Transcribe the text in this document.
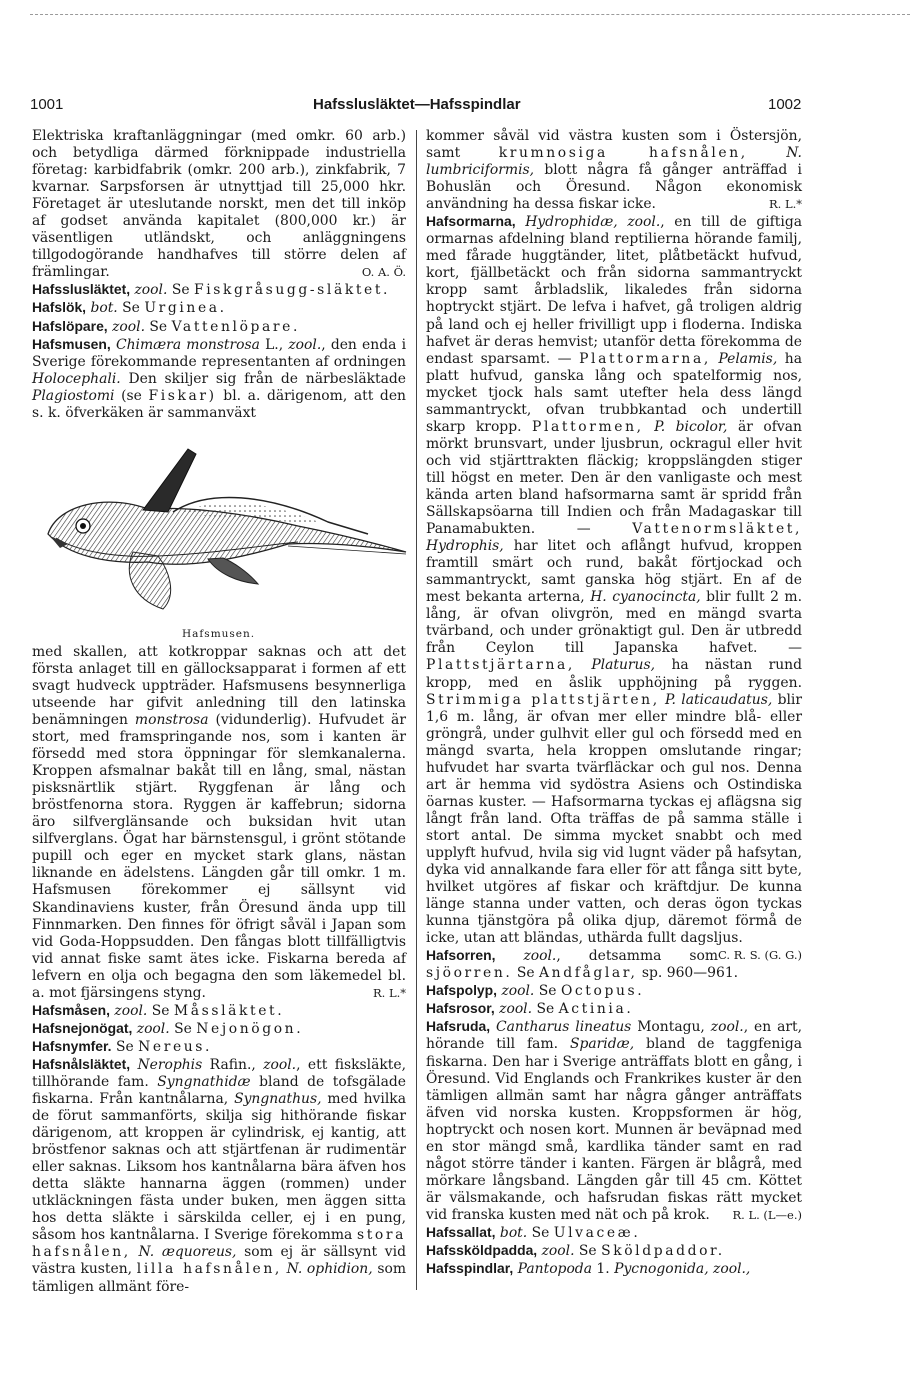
1001	Hafsslusläktet—Hafsspindlar	1002

Elektriska kraftanläggningar (med omkr. 60 arb.) och betydliga därmed förknippade industriella företag: karbidfabrik (omkr. 200 arb.), zinkfabrik, 7 kvarnar. Sarpsforsen är utnyttjad till 25,000 hkr. Företaget är uteslutande norskt, men det till inköp af godset använda kapitalet (800,000 kr.) är väsentligen utländskt, och anläggningens tillgodogörande handhafves till större delen af främlingar.	O. A. Ö.

Hafsslusläktet, zool. Se Fiskgråsugg-släktet.

Hafslök, bot. Se Urginea.

Hafslöpare, zool. Se Vattenlöpare.

Hafsmusen, Chimæra monstrosa L., zool., den enda i Sverige förekommande representanten af ordningen Holocephali. Den skiljer sig från de närbesläktade Plagiostomi (se Fiskar) bl. a. därigenom, att den s. k. öfverkäken är sammanväxt

Hafsmusen.

med skallen, att kotkroppar saknas och att det första anlaget till en gällocksapparat i formen af ett svagt hudveck uppträder. Hafsmusens besynnerliga utseende har gifvit anledning till den latinska benämningen monstrosa (vidunderlig). Hufvudet är stort, med framspringande nos, som i kanten är försedd med stora öppningar för slemkanalerna. Kroppen afsmalnar bakåt till en lång, smal, nästan pisksnärtlik stjärt. Ryggfenan är lång och bröstfenorna stora. Ryggen är kaffebrun; sidorna äro silfverglänsande och buksidan hvit utan silfverglans. Ögat har bärnstensgul, i grönt stötande pupill och eger en mycket stark glans, nästan liknande en ädelstens. Längden går till omkr. 1 m. Hafsmusen förekommer ej sällsynt vid Skandinaviens kuster, från Öresund ända upp till Finnmarken. Den finnes för öfrigt såväl i Japan som vid Goda-Hoppsudden. Den fångas blott tillfälligtvis vid annat fiske samt ätes icke. Fiskarna bereda af lefvern en olja och begagna den som läkemedel bl. a. mot fjärsingens styng.	R. L.*

Hafsmåsen, zool. Se Måssläktet.

Hafsnejonögat, zool. Se Nejonögon.

Hafsnymfer. Se Nereus.

Hafsnålsläktet, Nerophis Rafin., zool., ett fisksläkte, tillhörande fam. Syngnathidæ bland de tofsgälade fiskarna. Från kantnålarna, Syngnathus, med hvilka de förut sammanförts, skilja sig hithörande fiskar därigenom, att kroppen är cylindrisk, ej kantig, att bröstfenor saknas och att stjärtfenan är rudimentär eller saknas. Liksom hos kantnålarna bära äfven hos detta släkte hannarna äggen (rommen) under utkläckningen fästa under buken, men äggen sitta hos detta släkte i särskilda celler, ej i en pung, såsom hos kantnålarna. I Sverige förekomma stora hafsnålen, N. æquoreus, som ej är sällsynt vid västra kusten, lilla hafsnålen, N. ophidion, som tämligen allmänt före-

kommer såväl vid västra kusten som i Östersjön, samt	krumnosiga hafsnålen,	N. lumbriciformis, blott några få gånger anträffad i Bohuslän och Öresund. Någon ekonomisk användning ha dessa fiskar icke.	R. L.*

Hafsormarna, Hydrophidæ, zool., en till de giftiga ormarnas afdelning bland reptilierna hörande familj, med fårade huggtänder, litet, plåtbetäckt hufvud, kort, fjällbetäckt och från sidorna sammantryckt kropp samt årbladslik, likaledes från sidorna hoptryckt stjärt. De lefva i hafvet, gå troligen aldrig på land och ej heller frivilligt upp i floderna. Indiska hafvet är deras hemvist; utanför detta förekomma de endast sparsamt. — Plattormarna, Pelamis, ha platt hufvud, ganska lång och spatelformig nos, mycket tjock hals samt utefter hela dess längd sammantryckt, ofvan trubbkantad och undertill skarp kropp. Plattormen, P. bicolor, är ofvan mörkt brunsvart, under ljusbrun, ockragul eller hvit och vid stjärttrakten fläckig; kroppslängden stiger till högst en meter. Den är den vanligaste och mest kända arten bland hafsormarna samt är spridd från Sällskapsöarna till Indien och från Madagaskar till Panamabukten. —	Vattenormsläktet, Hydrophis, har litet och aflångt hufvud, kroppen framtill smärt och rund, bakåt förtjockad och sammantryckt, samt ganska hög stjärt. En af de mest bekanta arterna, H. cyanocincta, blir fullt 2 m. lång, är ofvan olivgrön, med en mängd svarta tvärband, och under grönaktigt gul. Den är utbredd från Ceylon till Japanska hafvet. — Plattstjärtarna, Platurus, ha nästan rund kropp, med en åslik upphöjning på ryggen. Strimmiga plattstjärten, P. laticaudatus, blir 1,6 m. lång, är ofvan mer eller mindre blå- eller gröngrå, under gulhvit eller gul och försedd med en mängd svarta, hela kroppen omslutande ringar; hufvudet har svarta tvärfläckar och gul nos. Denna art är hemma vid sydöstra Asiens och Ostindiska öarnas kuster. — Hafsormarna tyckas ej aflägsna sig långt från land. Ofta träffas de på samma ställe i stort antal. De simma mycket snabbt och med upplyft hufvud, hvila sig vid lugnt väder på hafsytan, dyka vid annalkande fara eller för att fånga sitt byte, hvilket utgöres af fiskar och kräftdjur. De kunna länge stanna under vatten, och deras ögon tyckas kunna tjänstgöra på olika djup, däremot förmå de icke, utan att bländas, uthärda fullt dagsljus.
C. R. S. (G. G.)

Hafsorren, zool., detsamma som sjöorren. Se Andfåglar, sp. 960—961.

Hafspolyp, zool. Se Octopus.

Hafsrosor, zool. Se Actinia.

Hafsruda, Cantharus lineatus Montagu, zool., en art, hörande till fam. Sparidæ, bland de taggfeniga fiskarna. Den har i Sverige anträffats blott en gång, i Öresund. Vid Englands och Frankrikes kuster är den tämligen allmän samt har några gånger anträffats äfven vid norska kusten. Kroppsformen är hög, hoptryckt och nosen kort. Munnen är beväpnad med en stor mängd små, kardlika tänder samt en rad något större tänder i kanten. Färgen är blågrå, med mörkare långsband. Längden går till 45 cm. Köttet är välsmakande, och hafsrudan fiskas rätt mycket vid franska kusten med nät och på krok. R. L. (L—e.)

Hafssallat, bot. Se Ulvaceæ.

Hafssköldpadda, zool. Se Sköldpaddor.

Hafsspindlar, Pantopoda 1. Pycnogonida, zool.,
